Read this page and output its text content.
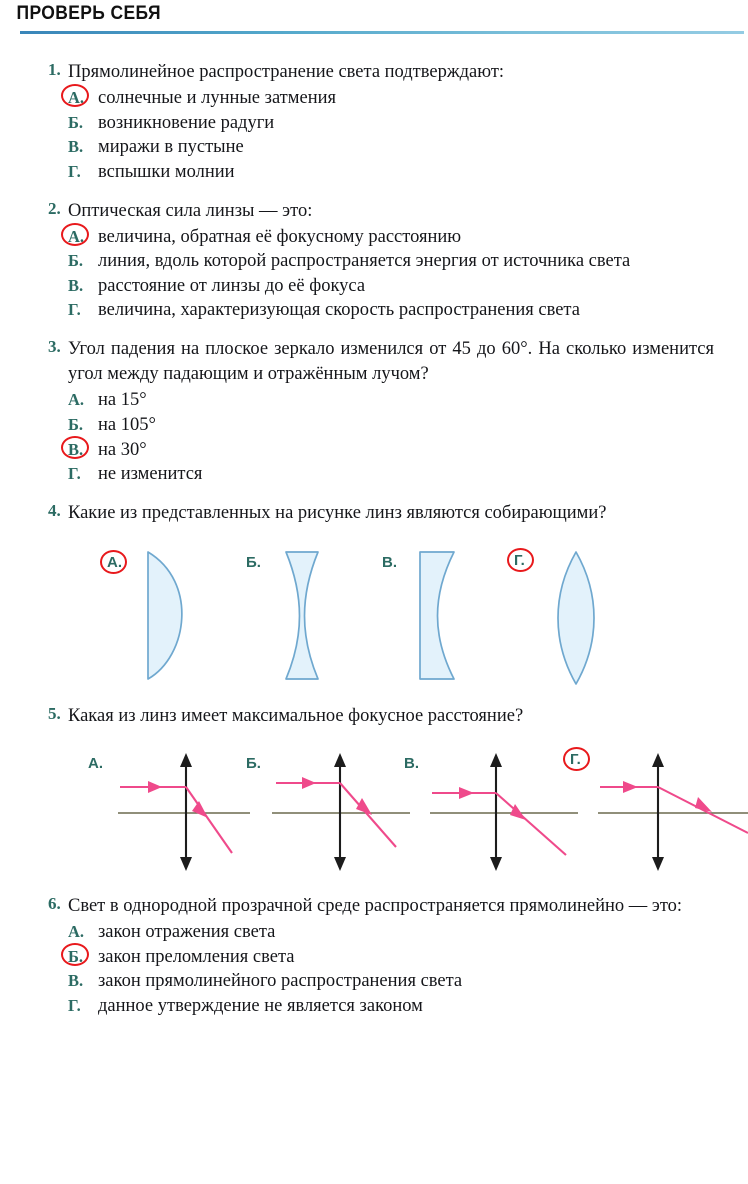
ПРОВЕРЬ СЕБЯ
1. Прямолинейное распространение света подтверждают:

А. солнечные и лунные затмения
Б. возникновение радуги
В. миражи в пустыне
Г. вспышки молнии
2. Оптическая сила линзы — это:

А. величина, обратная её фокусному расстоянию
Б. линия, вдоль которой распространяется энергия от источника света
В. расстояние от линзы до её фокуса
Г. величина, характеризующая скорость распространения света
3. Угол падения на плоское зеркало изменился от 45 до 60°. На сколько изменится угол между падающим и отражённым лучом?

А. на 15°
Б. на 105°
В. на 30°
Г. не изменится
4. Какие из представленных на рисунке линз являются собирающими?

А.	Б.	В.	Г.
5. Какая из линз имеет максимальное фокусное расстояние?

А.	Б.	В.	Г.
6. Свет в однородной прозрачной среде распространяется прямолинейно — это:

А. закон отражения света
Б. закон преломления света
В. закон прямолинейного распространения света
Г. данное утверждение не является законом
